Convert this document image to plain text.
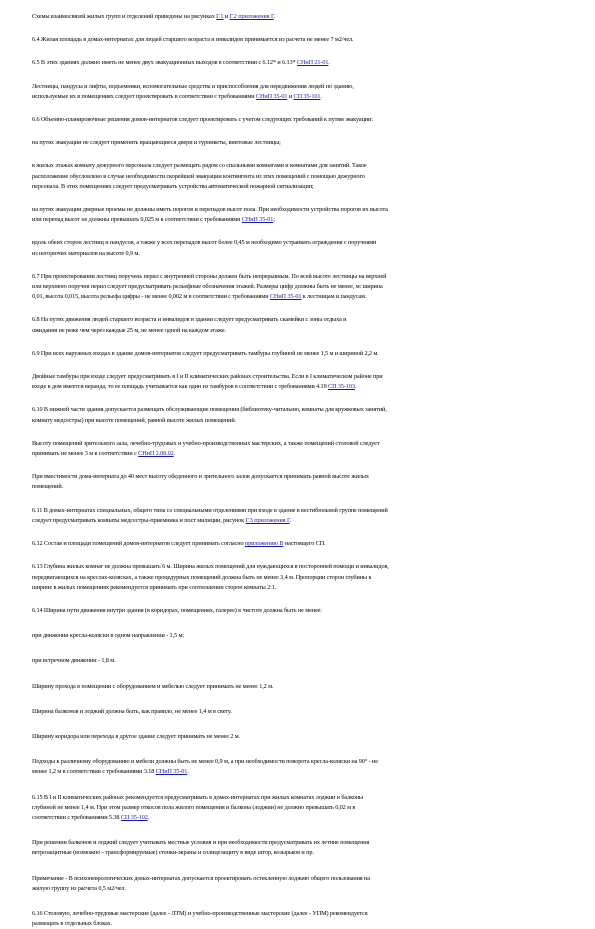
Схемы взаимосвязей жилых групп и отделений приведены на рисунках Г.1 и Г.2 приложения Г.

6.4 Жилая площадь в домах-интернатах для людей старшего возраста и инвалидов принимается из расчета не менее 7 м2/чел.

6.5 В этих зданиях должно иметь не менее двух эвакуационных выходов в соответствии с 6.12* и 6.13* СНиП 21-01.

Лестницы, пандусы и лифты, подъемники, вспомогательные средства и приспособления для передвижения людей по зданию,
используемые их в помещениях следует проектировать в соответствии с требованиями СНиП 35-01 и СП 35-101.

6.6 Объемно-планировочные решения домов-интернатов следует проектировать с учетом следующих требований к путям эвакуации:

на путях эвакуации не следует применять вращающиеся двери и турникеты, винтовые лестницы;

в жилых этажах комнату дежурного персонала следует размещать рядом со спальными комнатами и комнатами для занятий. Такое
расположение обусловлено в случае необходимости скорейшей эвакуации контингента из этих помещений с помощью дежурного
персонала. В этих помещениях следует предусматривать устройства автоматической пожарной сигнализации;

на путях эвакуации дверные проемы не должны иметь порогов и перепадов высот пола. При необходимости устройства порогов их высота
или перепад высот не должны превышать 0,025 м в соответствии с требованиями СНиП 35-01;

вдоль обеих сторон лестниц и пандусов, а также у всех перепадов высот более 0,45 м необходимо устраивать ограждения с поручнями
из негорючих материалов на высоте 0,9 м.

6.7 При проектировании лестниц поручень перил с внутренней стороны должен быть непрерывным. По всей высоте лестницы на верхней
или верхнюю поручня перил следует предусматривать рельефные обозначения этажей. Размеры цифр должны быть не менее, м: ширина
0,01, высота 0,015, высота рельефа цифры - не менее 0,002 м в соответствии с требованиями СНиП 35-01 к лестницам и пандусам.

6.8 На путях движения людей старшего возраста и инвалидов в здании следует предусматривать скамейки с зоны отдыха и
ожидания не реже чем через каждые 25 м, не менее одной на каждом этаже.

6.9 При всех наружных входах в здание домов-интернатов следует предусматривать тамбуры глубиной не менее 1,5 м и шириной 2,2 м.

Двойные тамбуры при входе следует предусматривать в I и II климатических районах строительства. Если в I климатическом районе при
входе в дом имеется веранда, то ее площадь учитывается как один из тамбуров в соответствии с требованиями 4.19 СП 35-103.

6.10 В нижней части здания допускается размещать обслуживающие помещения (библиотеку-читальню, комнаты для кружковых занятий,
комнату медсестры) при высоте помещений, равной высоте жилых помещений.

Высоту помещений зрительного зала, лечебно-трудовых и учебно-производственных мастерских, а также помещений столовой следует
принимать не менее 3 м в соответствии с СНиП 2.08.02.

При вместимости дома-интерната до 40 мест высоту обеденного и зрительного залов допускается принимать равной высоте жилых
помещений.

6.11 В домах-интернатах специальных, общего типа со специальными отделениями при входе в здание в вестибюльной группе помещений
следует предусматривать комнаты медсестры-приемника и пост милиции, рисунок Г.3 приложения Г.

6.12 Состав и площади помещений домов-интернатов следует принимать согласно приложению В настоящего СП.

6.13 Глубина жилых комнат не должна превышать 6 м. Ширина жилых помещений для нуждающихся в посторонней помощи и инвалидов,
передвигающихся на креслах-колясках, а также процедурных помещений должна быть не менее 3,4 м. Пропорции сторон глубины к
ширине в жилых помещениях рекомендуется принимать при соотношении сторон комнаты 2:1.

6.14 Ширина пути движения внутри здания (в коридорах, помещениях, галерее) в чистоте должна быть не менее:

при движении кресла-коляски в одном направлении - 1,5 м;

при встречном движении - 1,8 м.

Ширину прохода в помещении с оборудованием и мебелью следует принимать не менее 1,2 м.

Ширина балконов и лоджий должна быть, как правило, не менее 1,4 м в свету.

Ширину коридора или перехода в другое здание следует принимать не менее 2 м.

Подходы к различному оборудованию и мебели должны быть не менее 0,9 м, а при необходимости поворота кресла-коляски на 90° - не
менее 1,2 м в соответствии с требованиями 3.18 СНиП 35-01.

6.15 В I и II климатических районах рекомендуется предусматривать в домах-интернатах при жилых комнатах лоджии и балконы
глубиной не менее 1,4 м. При этом размер откосов пола жилого помещения и балкона (лоджии) не должно превышать 0,02 м в
соответствии с требованиями 5.38 СП 35-102.

При решении балконов и лоджий следует учитывать местные условия и при необходимости предусматривать их летние помещения
ветрозащитные (возможно - трансформируемые) стенки-экраны и солнцезащиту в виде штор, козырьков и пр.

Примечание - В психоневрологических домах-интернатах допускается проектировать остекленную лоджию общего пользования на
жилую группу из расчета 0,5 м2/чел.

6.16 Столовую, лечебно-трудовые мастерские (далее - ЛТМ) и учебно-производственные мастерские (далее - УПМ) рекомендуется
размещать в отдельных блоках.
